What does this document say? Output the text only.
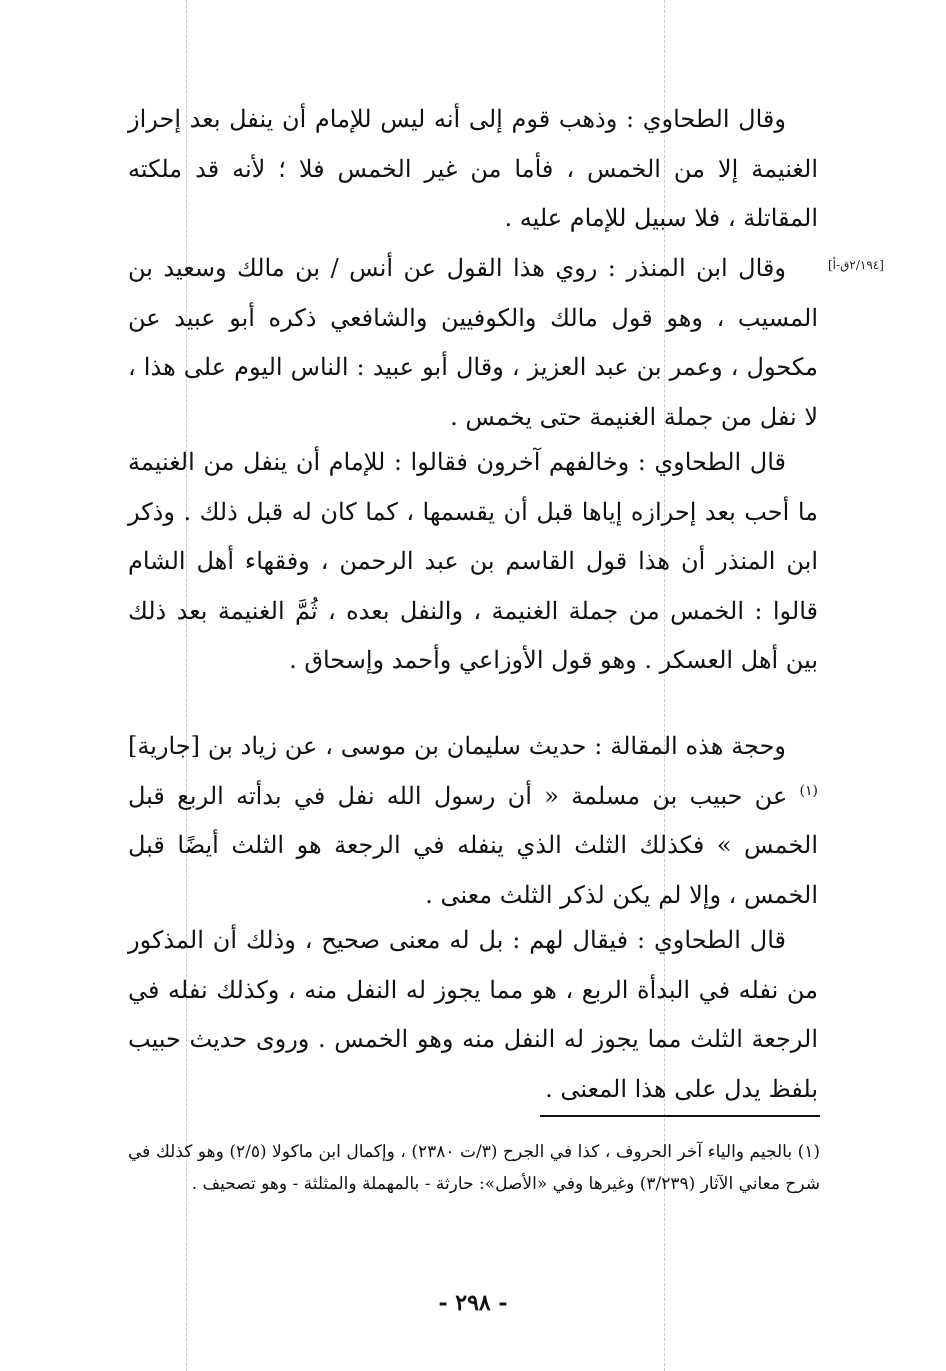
[٢/١٩٤ق-أ]

وقال الطحاوي : وذهب قوم إلى أنه ليس للإمام أن ينفل بعد إحراز الغنيمة إلا من الخمس ، فأما من غير الخمس فلا ؛ لأنه قد ملكته المقاتلة ، فلا سبيل للإمام عليه .

وقال ابن المنذر : روي هذا القول عن أنس / بن مالك وسعيد بن المسيب ، وهو قول مالك والكوفيين والشافعي ذكره أبو عبيد عن مكحول ، وعمر بن عبد العزيز ، وقال أبو عبيد : الناس اليوم على هذا ، لا نفل من جملة الغنيمة حتى يخمس .

قال الطحاوي : وخالفهم آخرون فقالوا : للإمام أن ينفل من الغنيمة ما أحب بعد إحرازه إياها قبل أن يقسمها ، كما كان له قبل ذلك . وذكر ابن المنذر أن هذا قول القاسم بن عبد الرحمن ، وفقهاء أهل الشام قالوا : الخمس من جملة الغنيمة ، والنفل بعده ، ثُمَّ الغنيمة بعد ذلك بين أهل العسكر . وهو قول الأوزاعي وأحمد وإسحاق .

وحجة هذه المقالة : حديث سليمان بن موسى ، عن زياد بن [جارية]$^{(١)}$ عن حبيب بن مسلمة « أن رسول الله نفل في بدأته الربع قبل الخمس » فكذلك الثلث الذي ينفله في الرجعة هو الثلث أيضًا قبل الخمس ، وإلا لم يكن لذكر الثلث معنى .

قال الطحاوي : فيقال لهم : بل له معنى صحيح ، وذلك أن المذكور من نفله في البدأة الربع ، هو مما يجوز له النفل منه ، وكذلك نفله في الرجعة الثلث مما يجوز له النفل منه وهو الخمس . وروى حديث حبيب بلفظ يدل على هذا المعنى .

(١) بالجيم والياء آخر الحروف ، كذا في الجرح (٣/ت ٢٣٨٠) ، وإكمال ابن ماكولا (٢/٥) وهو كذلك في شرح معاني الآثار (٣/٢٣٩) وغيرها وفي «الأصل»: حارثة - بالمهملة والمثلثة - وهو تصحيف .

- ٢٩٨ -
